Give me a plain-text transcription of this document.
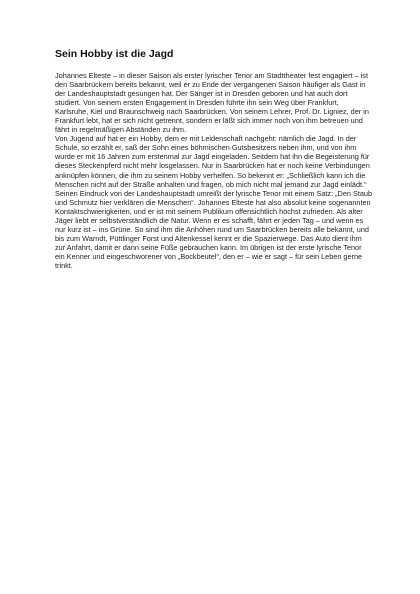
Sein Hobby ist die Jagd

Johannes Elteste – in dieser Saison als erster lyrischer Tenor am Stadttheater fest engagiert – ist den Saarbrückern bereits bekannt, weil er zu Ende der vergangenen Saison häufiger als Gast in der Landeshauptstadt gesungen hat. Der Sänger ist in Dresden geboren und hat auch dort studiert. Von seinem ersten Engagement in Dresden führte ihn sein Weg über Frankfurt, Karlsruhe, Kiel und Braunschweig nach Saarbrücken. Von seinem Lehrer, Prof. Dr. Ligniez, der in Frankfurt lebt, hat er sich nicht getrennt, sondern er läßt sich immer noch von ihm betreuen und fährt in regelmäßigen Abständen zu ihm.

Von Jugend auf hat er ein Hobby, dem er mit Leidenschaft nachgeht: nämlich die Jagd. In der Schule, so erzählt er, saß der Sohn eines böhmischen Gutsbesitzers neben ihm, und von ihm wurde er mit 16 Jahren zum erstenmal zur Jagd eingeladen. Seitdem hat ihn die Begeisterung für dieses Steckenpferd nicht mehr losgelassen. Nur in Saarbrücken hat er noch keine Verbindungen anknüpfen können, die ihm zu seinem Hobby verhelfen. So bekennt er: „Schließlich kann ich die Menschen nicht auf der Straße anhalten und fragen, ob mich nicht mal jemand zur Jagd einlädt.“

Seinen Eindruck von der Landeshauptstadt umreißt der lyrische Tenor mit einem Satz: „Den Staub und Schmutz hier verklären die Menschen“. Johannes Elteste hat also absolut keine sogenannten Kontaktschwierigkeiten, und er ist mit seinem Publikum offensichtlich höchst zufrieden. Als alter Jäger liebt er selbstverständlich die Natur. Wenn er es schafft, fährt er jeden Tag – und wenn es nur kurz ist – ins Grüne. So sind ihm die Anhöhen rund um Saarbrücken bereits alle bekannt, und bis zum Warndt, Püttlinger Forst und Altenkessel kennt er die Spazierwege. Das Auto dient ihm zur Anfahrt, damit er dann seine Füße gebrauchen kann. Im übrigen ist der erste lyrische Tenor ein Kenner und eingeschworener von „Bockbeutel“, den er – wie er sagt – für sein Leben gerne trinkt.
